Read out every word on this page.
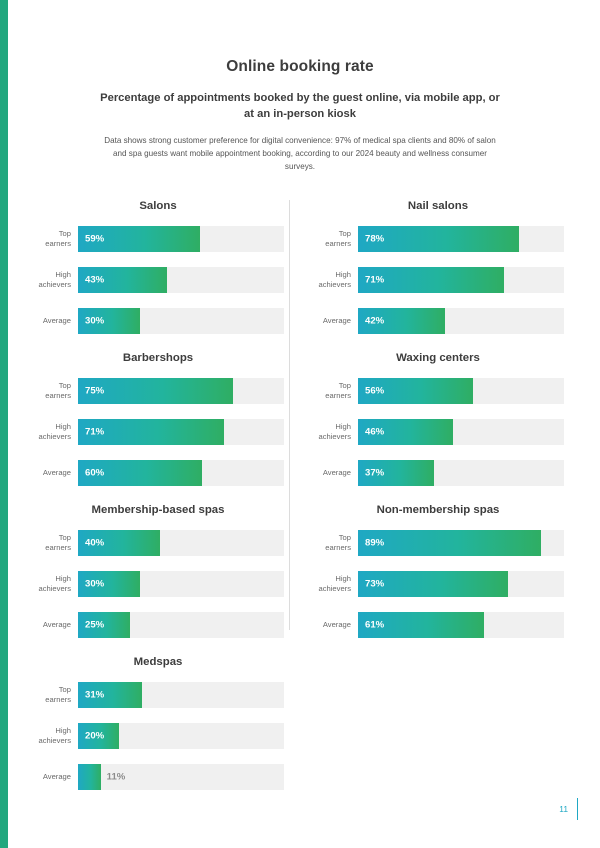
Online booking rate
Percentage of appointments booked by the guest online, via mobile app, or at an in-person kiosk
Data shows strong customer preference for digital convenience: 97% of medical spa clients and 80% of salon and spa guests want mobile appointment booking, according to our 2024 beauty and wellness consumer surveys.
Salons
Top earners	59%
High achievers	43%
Average	30%
Nail salons
Top earners	78%
High achievers	71%
Average	42%
Barbershops
Top earners	75%
High achievers	71%
Average	60%
Waxing centers
Top earners	56%
High achievers	46%
Average	37%
Membership-based spas
Top earners	40%
High achievers	30%
Average	25%
Non-membership spas
Top earners	89%
High achievers	73%
Average	61%
Medspas
Top earners	31%
High achievers	20%
Average	11%
11
